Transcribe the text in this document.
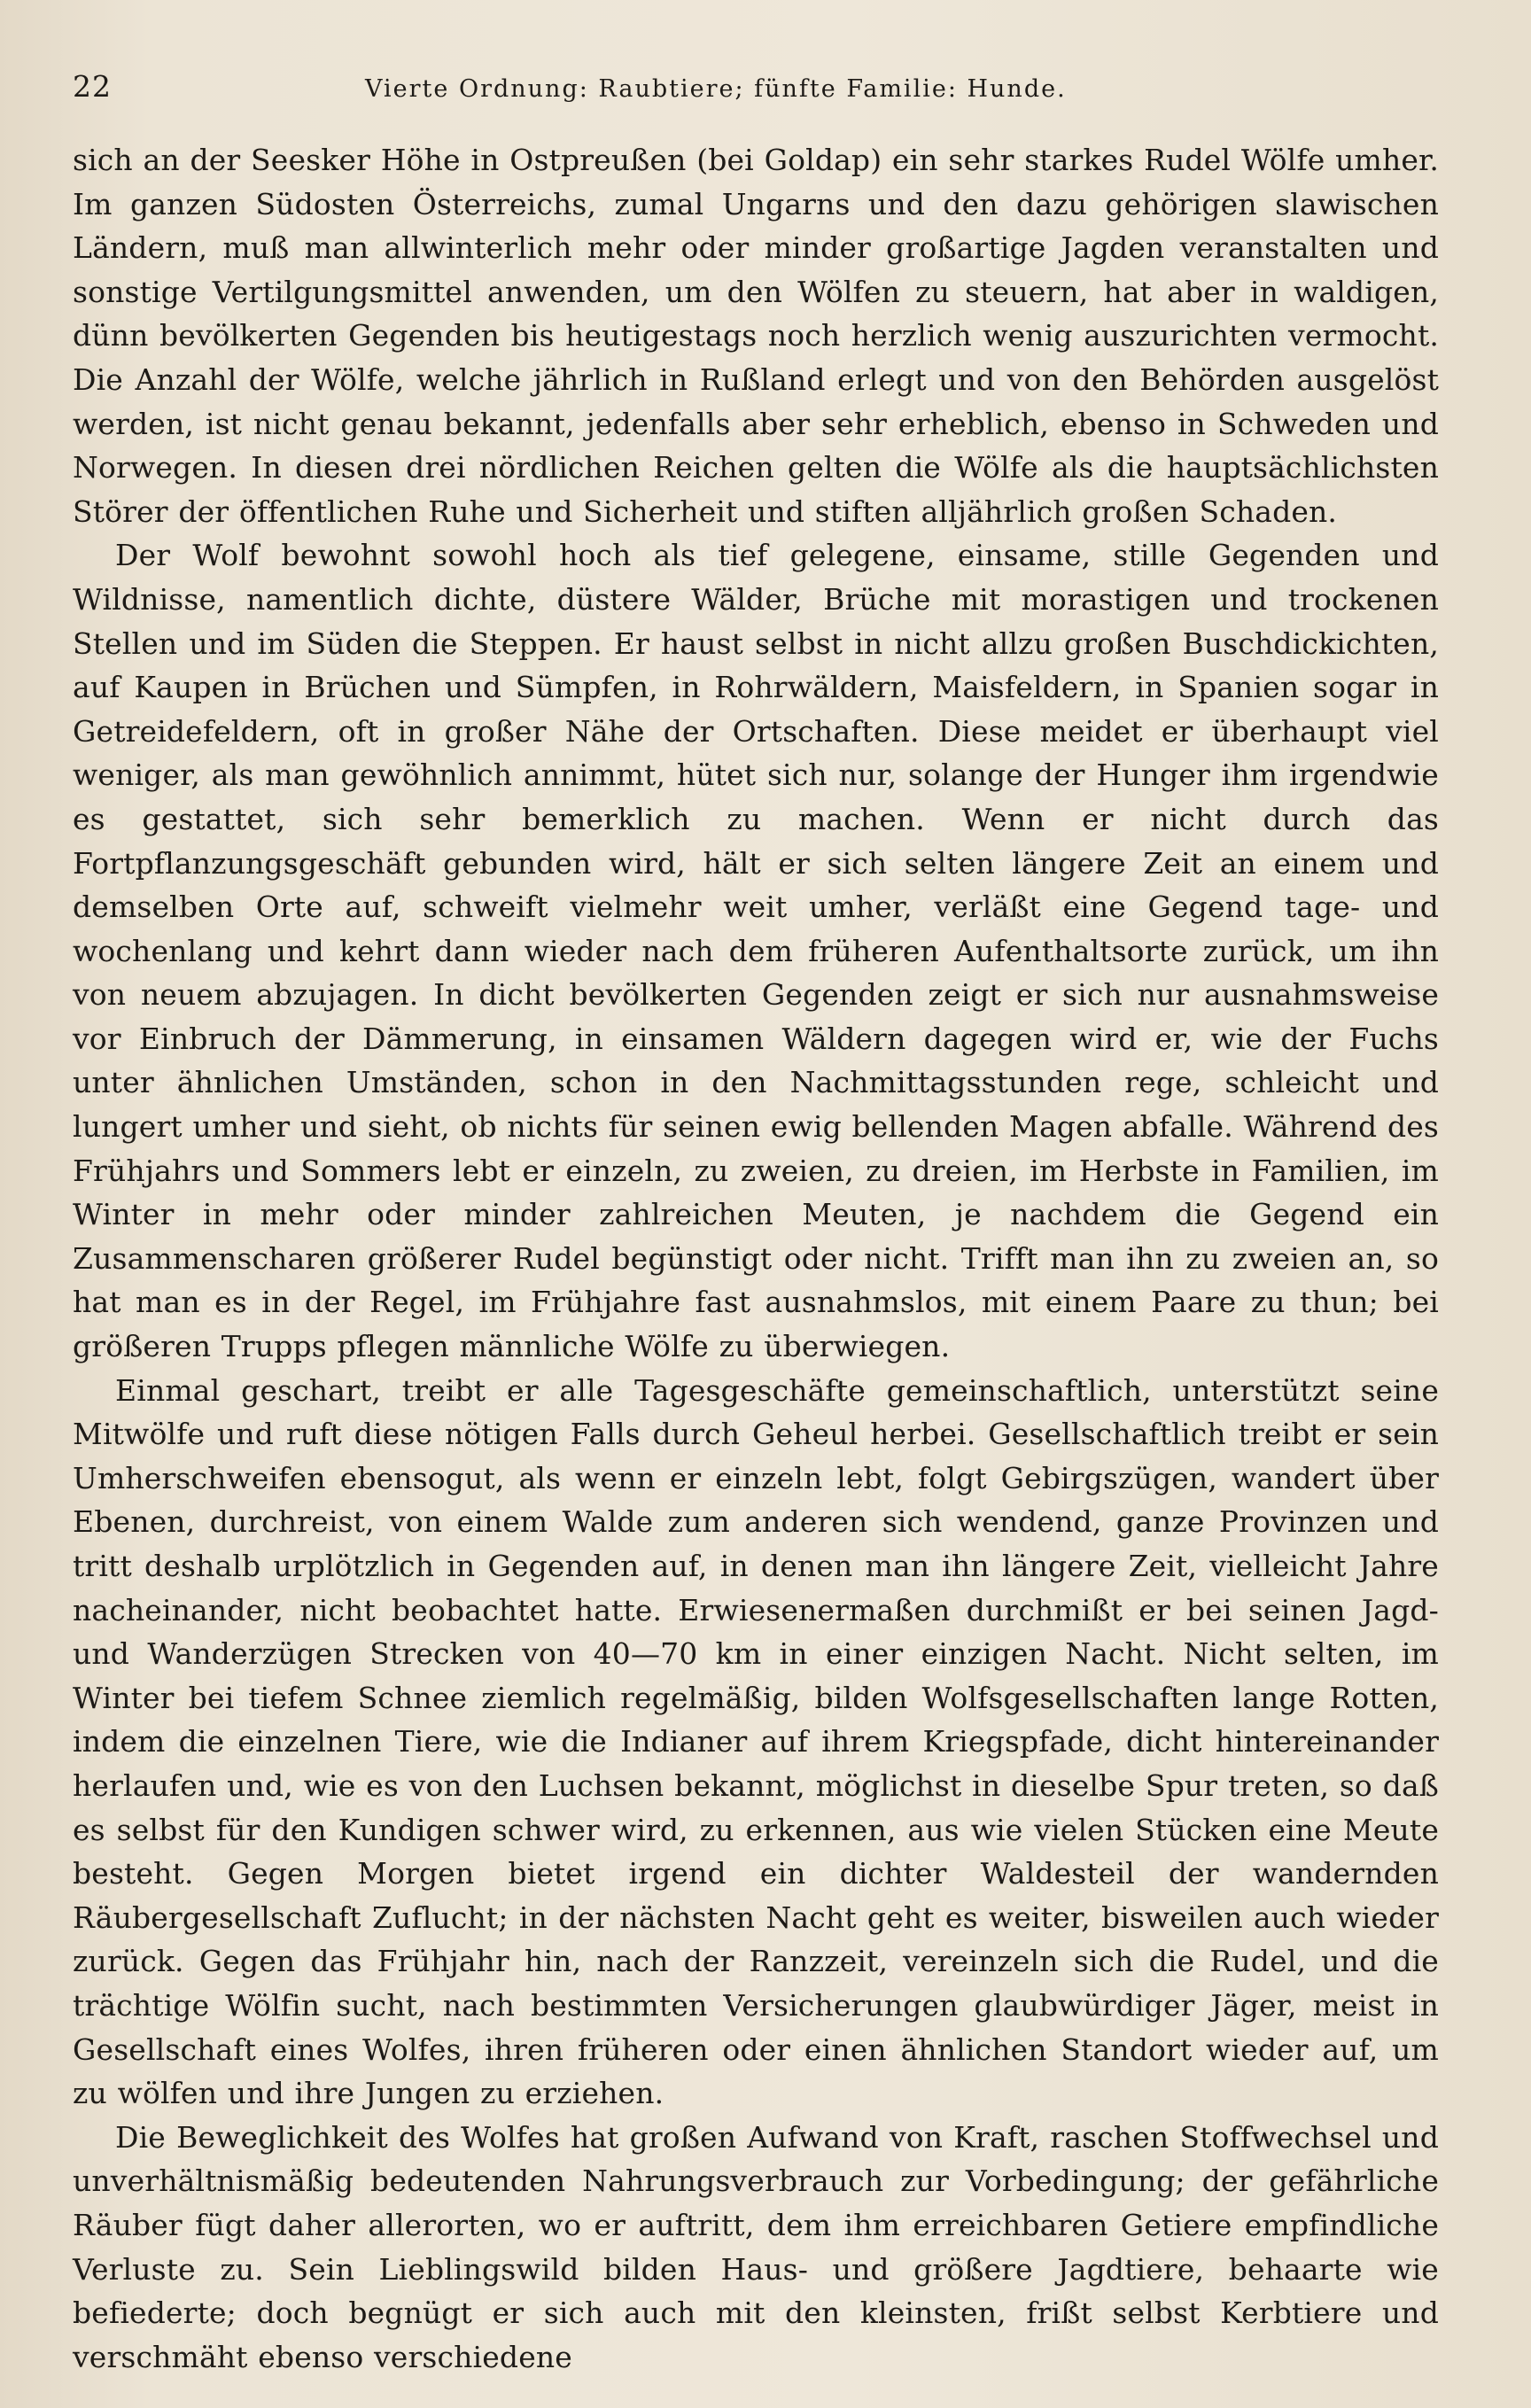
22	Vierte Ordnung: Raubtiere; fünfte Familie: Hunde.

sich an der Seesker Höhe in Ostpreußen (bei Goldap) ein sehr starkes Rudel Wölfe umher. Im ganzen Südosten Österreichs, zumal Ungarns und den dazu gehörigen slawischen Ländern, muß man allwinterlich mehr oder minder großartige Jagden veranstalten und sonstige Vertilgungsmittel anwenden, um den Wölfen zu steuern, hat aber in waldigen, dünn bevölkerten Gegenden bis heutigestags noch herzlich wenig auszurichten vermocht. Die Anzahl der Wölfe, welche jährlich in Rußland erlegt und von den Behörden ausgelöst werden, ist nicht genau bekannt, jedenfalls aber sehr erheblich, ebenso in Schweden und Norwegen. In diesen drei nördlichen Reichen gelten die Wölfe als die hauptsächlichsten Störer der öffentlichen Ruhe und Sicherheit und stiften alljährlich großen Schaden.

Der Wolf bewohnt sowohl hoch als tief gelegene, einsame, stille Gegenden und Wildnisse, namentlich dichte, düstere Wälder, Brüche mit morastigen und trockenen Stellen und im Süden die Steppen. Er haust selbst in nicht allzu großen Buschdickichten, auf Kaupen in Brüchen und Sümpfen, in Rohrwäldern, Maisfeldern, in Spanien sogar in Getreidefeldern, oft in großer Nähe der Ortschaften. Diese meidet er überhaupt viel weniger, als man gewöhnlich annimmt, hütet sich nur, solange der Hunger ihm irgendwie es gestattet, sich sehr bemerklich zu machen. Wenn er nicht durch das Fortpflanzungsgeschäft gebunden wird, hält er sich selten längere Zeit an einem und demselben Orte auf, schweift vielmehr weit umher, verläßt eine Gegend tage- und wochenlang und kehrt dann wieder nach dem früheren Aufenthaltsorte zurück, um ihn von neuem abzujagen. In dicht bevölkerten Gegenden zeigt er sich nur ausnahmsweise vor Einbruch der Dämmerung, in einsamen Wäldern dagegen wird er, wie der Fuchs unter ähnlichen Umständen, schon in den Nachmittagsstunden rege, schleicht und lungert umher und sieht, ob nichts für seinen ewig bellenden Magen abfalle. Während des Frühjahrs und Sommers lebt er einzeln, zu zweien, zu dreien, im Herbste in Familien, im Winter in mehr oder minder zahlreichen Meuten, je nachdem die Gegend ein Zusammenscharen größerer Rudel begünstigt oder nicht. Trifft man ihn zu zweien an, so hat man es in der Regel, im Frühjahre fast ausnahmslos, mit einem Paare zu thun; bei größeren Trupps pflegen männliche Wölfe zu überwiegen.

Einmal geschart, treibt er alle Tagesgeschäfte gemeinschaftlich, unterstützt seine Mitwölfe und ruft diese nötigen Falls durch Geheul herbei. Gesellschaftlich treibt er sein Umherschweifen ebensogut, als wenn er einzeln lebt, folgt Gebirgszügen, wandert über Ebenen, durchreist, von einem Walde zum anderen sich wendend, ganze Provinzen und tritt deshalb urplötzlich in Gegenden auf, in denen man ihn längere Zeit, vielleicht Jahre nacheinander, nicht beobachtet hatte. Erwiesenermaßen durchmißt er bei seinen Jagd- und Wanderzügen Strecken von 40—70 km in einer einzigen Nacht. Nicht selten, im Winter bei tiefem Schnee ziemlich regelmäßig, bilden Wolfsgesellschaften lange Rotten, indem die einzelnen Tiere, wie die Indianer auf ihrem Kriegspfade, dicht hintereinander herlaufen und, wie es von den Luchsen bekannt, möglichst in dieselbe Spur treten, so daß es selbst für den Kundigen schwer wird, zu erkennen, aus wie vielen Stücken eine Meute besteht. Gegen Morgen bietet irgend ein dichter Waldesteil der wandernden Räubergesellschaft Zuflucht; in der nächsten Nacht geht es weiter, bisweilen auch wieder zurück. Gegen das Frühjahr hin, nach der Ranzzeit, vereinzeln sich die Rudel, und die trächtige Wölfin sucht, nach bestimmten Versicherungen glaubwürdiger Jäger, meist in Gesellschaft eines Wolfes, ihren früheren oder einen ähnlichen Standort wieder auf, um zu wölfen und ihre Jungen zu erziehen.

Die Beweglichkeit des Wolfes hat großen Aufwand von Kraft, raschen Stoffwechsel und unverhältnismäßig bedeutenden Nahrungsverbrauch zur Vorbedingung; der gefährliche Räuber fügt daher allerorten, wo er auftritt, dem ihm erreichbaren Getiere empfindliche Verluste zu. Sein Lieblingswild bilden Haus- und größere Jagdtiere, behaarte wie befiederte; doch begnügt er sich auch mit den kleinsten, frißt selbst Kerbtiere und verschmäht ebenso verschiedene
